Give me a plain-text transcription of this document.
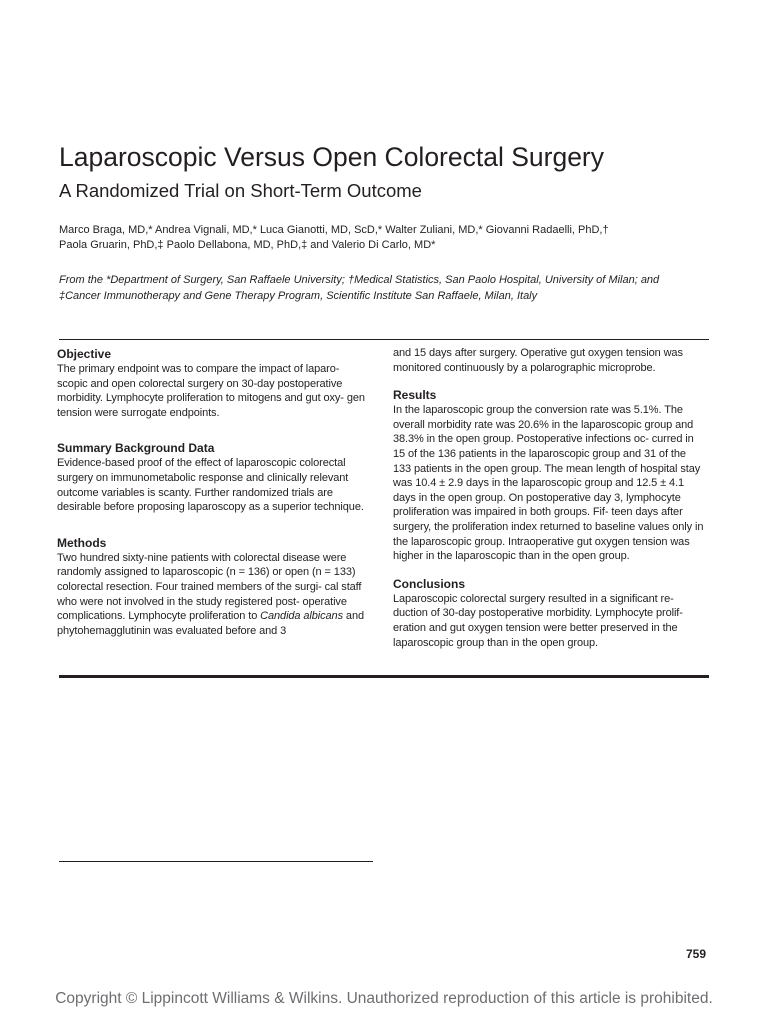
Laparoscopic Versus Open Colorectal Surgery
A Randomized Trial on Short-Term Outcome
Marco Braga, MD,* Andrea Vignali, MD,* Luca Gianotti, MD, ScD,* Walter Zuliani, MD,* Giovanni Radaelli, PhD,†
Paola Gruarin, PhD,‡ Paolo Dellabona, MD, PhD,‡ and Valerio Di Carlo, MD*
From the *Department of Surgery, San Raffaele University; †Medical Statistics, San Paolo Hospital, University of Milan; and
‡Cancer Immunotherapy and Gene Therapy Program, Scientific Institute San Raffaele, Milan, Italy
Objective

The primary endpoint was to compare the impact of laparo- scopic and open colorectal surgery on 30-day postoperative morbidity. Lymphocyte proliferation to mitogens and gut oxy- gen tension were surrogate endpoints.

Summary Background Data

Evidence-based proof of the effect of laparoscopic colorectal surgery on immunometabolic response and clinically relevant outcome variables is scanty. Further randomized trials are desirable before proposing laparoscopy as a superior technique.

Methods

Two hundred sixty-nine patients with colorectal disease were randomly assigned to laparoscopic (n = 136) or open (n = 133) colorectal resection. Four trained members of the surgi- cal staff who were not involved in the study registered post- operative complications. Lymphocyte proliferation to Candida albicans and phytohemagglutinin was evaluated before and 3

and 15 days after surgery. Operative gut oxygen tension was monitored continuously by a polarographic microprobe.

Results

In the laparoscopic group the conversion rate was 5.1%. The overall morbidity rate was 20.6% in the laparoscopic group and 38.3% in the open group. Postoperative infections oc- curred in 15 of the 136 patients in the laparoscopic group and 31 of the 133 patients in the open group. The mean length of hospital stay was 10.4 ± 2.9 days in the laparoscopic group and 12.5 ± 4.1 days in the open group. On postoperative day 3, lymphocyte proliferation was impaired in both groups. Fif- teen days after surgery, the proliferation index returned to baseline values only in the laparoscopic group. Intraoperative gut oxygen tension was higher in the laparoscopic than in the open group.

Conclusions

Laparoscopic colorectal surgery resulted in a significant re- duction of 30-day postoperative morbidity. Lymphocyte prolif- eration and gut oxygen tension were better preserved in the laparoscopic group than in the open group.

759
Copyright © Lippincott Williams & Wilkins. Unauthorized reproduction of this article is prohibited.
